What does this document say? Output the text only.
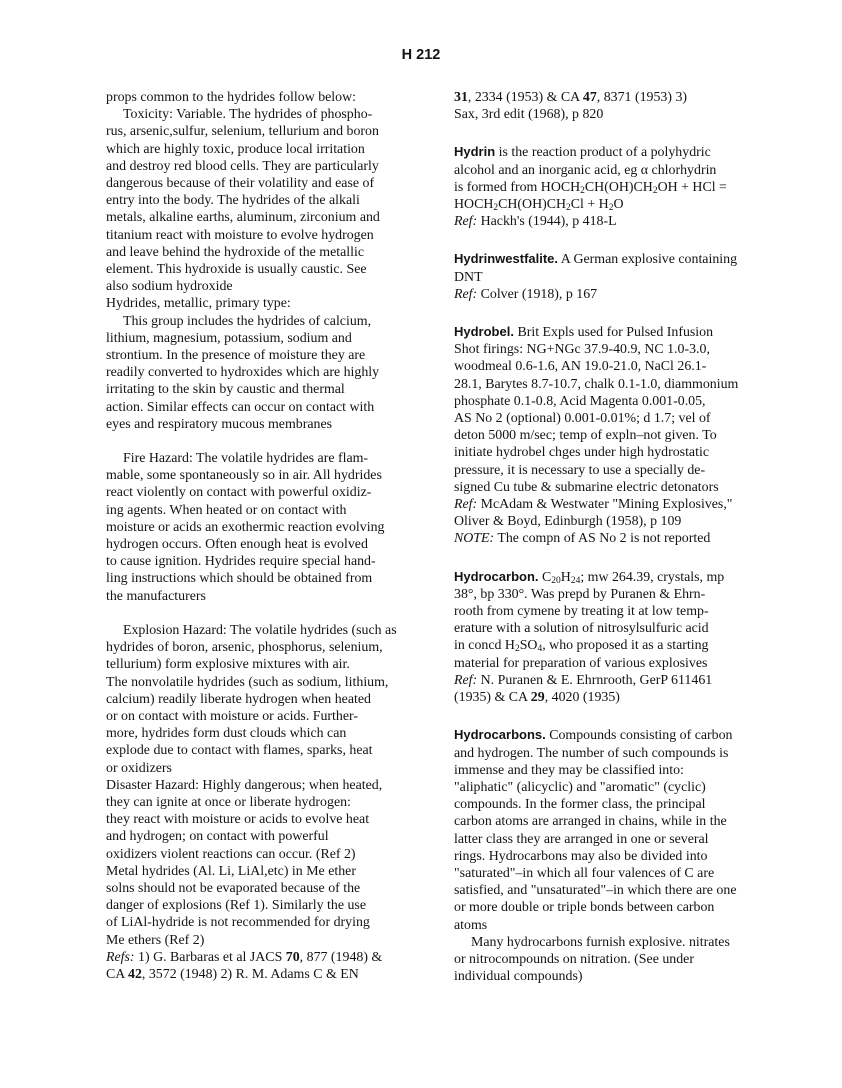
H 212
props common to the hydrides follow below:
Toxicity: Variable. The hydrides of phospho-
rus, arsenic,sulfur, selenium, tellurium and boron
which are highly toxic, produce local irritation
and destroy red blood cells. They are particularly
dangerous because of their volatility and ease of
entry into the body. The hydrides of the alkali
metals, alkaline earths, aluminum, zirconium and
titanium react with moisture to evolve hydrogen
and leave behind the hydroxide of the metallic
element. This hydroxide is usually caustic. See
also sodium hydroxide
Hydrides, metallic, primary type:
This group includes the hydrides of calcium,
lithium, magnesium, potassium, sodium and
strontium. In the presence of moisture they are
readily converted to hydroxides which are highly
irritating to the skin by caustic and thermal
action. Similar effects can occur on contact with
eyes and respiratory mucous membranes
Fire Hazard: The volatile hydrides are flam-
mable, some spontaneously so in air. All hydrides
react violently on contact with powerful oxidiz-
ing agents. When heated or on contact with
moisture or acids an exothermic reaction evolving
hydrogen occurs. Often enough heat is evolved
to cause ignition. Hydrides require special hand-
ling instructions which should be obtained from
the manufacturers
Explosion Hazard: The volatile hydrides (such as
hydrides of boron, arsenic, phosphorus, selenium,
tellurium) form explosive mixtures with air.
The nonvolatile hydrides (such as sodium, lithium,
calcium) readily liberate hydrogen when heated
or on contact with moisture or acids. Further-
more, hydrides form dust clouds which can
explode due to contact with flames, sparks, heat
or oxidizers
Disaster Hazard: Highly dangerous; when heated,
they can ignite at once or liberate hydrogen:
they react with moisture or acids to evolve heat
and hydrogen; on contact with powerful
oxidizers violent reactions can occur. (Ref 2)
Metal hydrides (Al. Li, LiAl,etc) in Me ether
solns should not be evaporated because of the
danger of explosions (Ref 1). Similarly the use
of LiAl-hydride is not recommended for drying
Me ethers (Ref 2)
Refs: 1) G. Barbaras et al JACS 70, 877 (1948) &
CA 42, 3572 (1948) 2) R. M. Adams C & EN
31, 2334 (1953) & CA 47, 8371 (1953) 3)
Sax, 3rd edit (1968), p 820
Hydrin is the reaction product of a polyhydric
alcohol and an inorganic acid, eg α chlorhydrin
is formed from $HOCH_2CH(OH)CH_2OH$ + HCl =
$HOCH_2CH(OH)CH_2Cl + H_2O$
Ref: Hackh's (1944), p 418-L
Hydrinwestfalite. A German explosive containing
DNT
Ref: Colver (1918), p 167
Hydrobel. Brit Expls used for Pulsed Infusion
Shot firings: NG+NGc 37.9-40.9, NC 1.0-3.0,
woodmeal 0.6-1.6, AN 19.0-21.0, NaCl 26.1-
28.1, Barytes 8.7-10.7, chalk 0.1-1.0, diammonium
phosphate 0.1-0.8, Acid Magenta 0.001-0.05,
AS No 2 (optional) 0.001-0.01%; d 1.7; vel of
deton 5000 m/sec; temp of expln–not given. To
initiate hydrobel chges under high hydrostatic
pressure, it is necessary to use a specially de-
signed Cu tube & submarine electric detonators
Ref: McAdam & Westwater "Mining Explosives,"
Oliver & Boyd, Edinburgh (1958), p 109
NOTE: The compn of AS No 2 is not reported
Hydrocarbon. $C_{20}H_{24}$; mw 264.39, crystals, mp
38°, bp 330°. Was prepd by Puranen & Ehrn-
rooth from cymene by treating it at low temp-
erature with a solution of nitrosylsulfuric acid
in concd $H_2SO_4$, who proposed it as a starting
material for preparation of various explosives
Ref: N. Puranen & E. Ehrnrooth, GerP 611461
(1935) & CA 29, 4020 (1935)
Hydrocarbons. Compounds consisting of carbon
and hydrogen. The number of such compounds is
immense and they may be classified into:
"aliphatic" (alicyclic) and "aromatic" (cyclic)
compounds. In the former class, the principal
carbon atoms are arranged in chains, while in the
latter class they are arranged in one or several
rings. Hydrocarbons may also be divided into
"saturated"–in which all four valences of C are
satisfied, and "unsaturated"–in which there are one
or more double or triple bonds between carbon
atoms
Many hydrocarbons furnish explosive. nitrates
or nitrocompounds on nitration. (See under
individual compounds)
